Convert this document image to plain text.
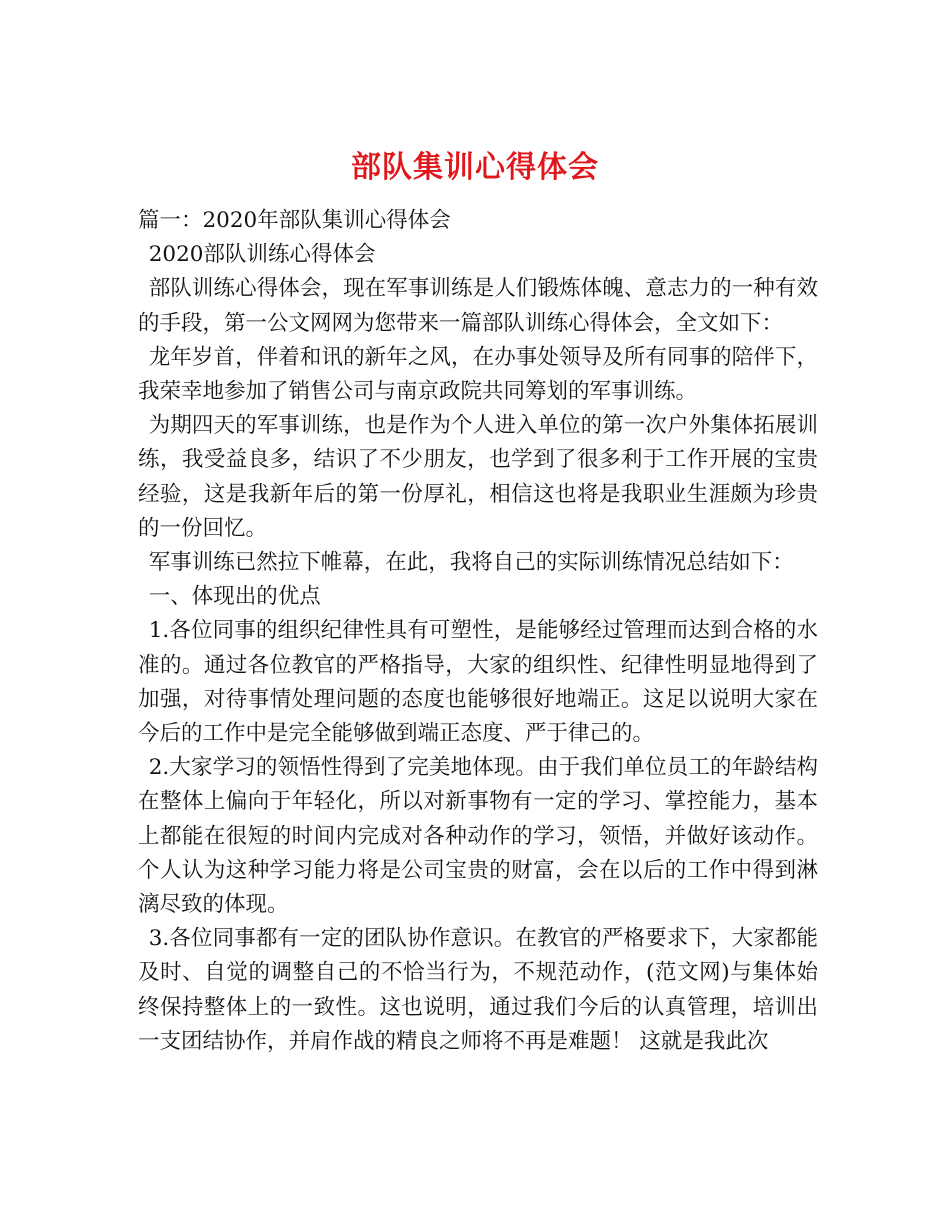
部队集训心得体会

篇一：2020年部队集训心得体会

2020部队训练心得体会

部队训练心得体会，现在军事训练是人们锻炼体魄、意志力的一种有效的手段，第一公文网网为您带来一篇部队训练心得体会，全文如下：

龙年岁首，伴着和讯的新年之风，在办事处领导及所有同事的陪伴下，我荣幸地参加了销售公司与南京政院共同筹划的军事训练。

为期四天的军事训练，也是作为个人进入单位的第一次户外集体拓展训练，我受益良多，结识了不少朋友，也学到了很多利于工作开展的宝贵经验，这是我新年后的第一份厚礼，相信这也将是我职业生涯颇为珍贵的一份回忆。

军事训练已然拉下帷幕，在此，我将自己的实际训练情况总结如下：

一、体现出的优点

1.各位同事的组织纪律性具有可塑性，是能够经过管理而达到合格的水准的。通过各位教官的严格指导，大家的组织性、纪律性明显地得到了加强，对待事情处理问题的态度也能够很好地端正。这足以说明大家在今后的工作中是完全能够做到端正态度、严于律己的。

2.大家学习的领悟性得到了完美地体现。由于我们单位员工的年龄结构在整体上偏向于年轻化，所以对新事物有一定的学习、掌控能力，基本上都能在很短的时间内完成对各种动作的学习，领悟，并做好该动作。个人认为这种学习能力将是公司宝贵的财富，会在以后的工作中得到淋漓尽致的体现。

3.各位同事都有一定的团队协作意识。在教官的严格要求下，大家都能及时、自觉的调整自己的不恰当行为，不规范动作，(范文网)与集体始终保持整体上的一致性。这也说明，通过我们今后的认真管理，培训出一支团结协作，并肩作战的精良之师将不再是难题！ 这就是我此次
